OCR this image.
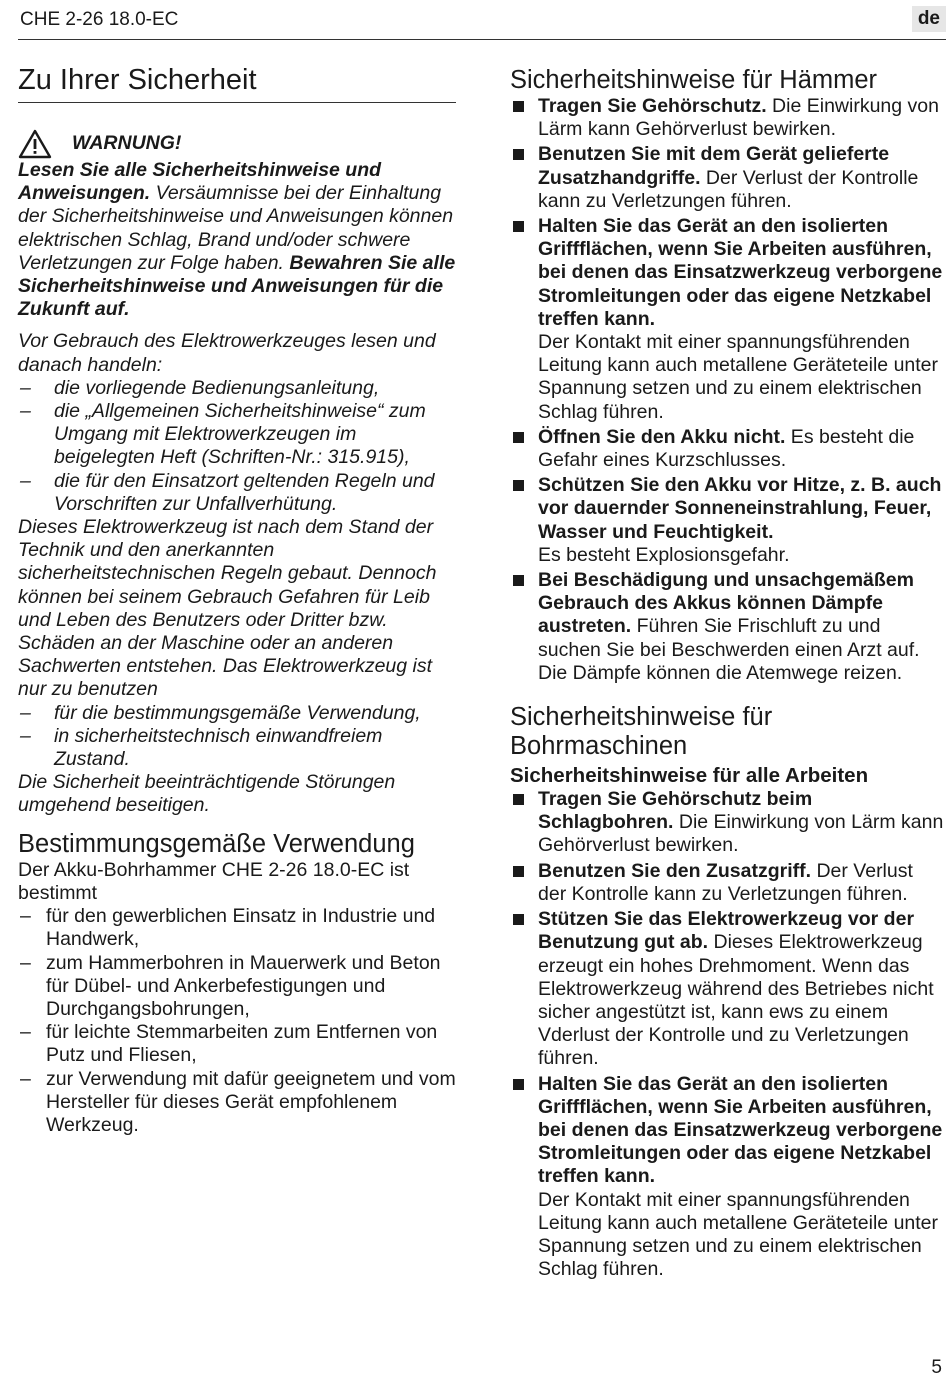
CHE 2-26 18.0-EC	de
Zu Ihrer Sicherheit
WARNUNG!

Lesen Sie alle Sicherheitshinweise und Anweisungen. Versäumnisse bei der Einhaltung der Sicherheitshinweise und Anweisungen können elektrischen Schlag, Brand und/oder schwere Verletzungen zur Folge haben. Bewahren Sie alle Sicherheitshinweise und Anweisungen für die Zukunft auf.

Vor Gebrauch des Elektrowerkzeuges lesen und danach handeln:

– die vorliegende Bedienungsanleitung,
– die „Allgemeinen Sicherheitshinweise“ zum Umgang mit Elektrowerkzeugen im beigelegten Heft (Schriften-Nr.: 315.915),
– die für den Einsatzort geltenden Regeln und Vorschriften zur Unfallverhütung.

Dieses Elektrowerkzeug ist nach dem Stand der Technik und den anerkannten sicherheitstechnischen Regeln gebaut. Dennoch können bei seinem Gebrauch Gefahren für Leib und Leben des Benutzers oder Dritter bzw. Schäden an der Maschine oder an anderen Sachwerten entstehen. Das Elektrowerkzeug ist nur zu benutzen

– für die bestimmungsgemäße Verwendung,
– in sicherheitstechnisch einwandfreiem Zustand.

Die Sicherheit beeinträchtigende Störungen umgehend beseitigen.

Bestimmungsgemäße Verwendung

Der Akku-Bohrhammer CHE 2-26 18.0-EC ist bestimmt

– für den gewerblichen Einsatz in Industrie und Handwerk,
– zum Hammerbohren in Mauerwerk und Beton für Dübel- und Ankerbefestigungen und Durchgangsbohrungen,
– für leichte Stemmarbeiten zum Entfernen von Putz und Fliesen,
– zur Verwendung mit dafür geeignetem und vom Hersteller für dieses Gerät empfohlenem Werkzeug.
Sicherheitshinweise für Hämmer
Tragen Sie Gehörschutz. Die Einwirkung von Lärm kann Gehörverlust bewirken.
Benutzen Sie mit dem Gerät gelieferte Zusatzhandgriffe. Der Verlust der Kontrolle kann zu Verletzungen führen.
Halten Sie das Gerät an den isolierten Griffflächen, wenn Sie Arbeiten ausführen, bei denen das Einsatzwerkzeug verborgene Stromleitungen oder das eigene Netzkabel treffen kann.
Der Kontakt mit einer spannungsführenden Leitung kann auch metallene Geräteteile unter Spannung setzen und zu einem elektrischen Schlag führen.
Öffnen Sie den Akku nicht. Es besteht die Gefahr eines Kurzschlusses.
Schützen Sie den Akku vor Hitze, z. B. auch vor dauernder Sonneneinstrahlung, Feuer, Wasser und Feuchtigkeit.
Es besteht Explosionsgefahr.
Bei Beschädigung und unsachgemäßem Gebrauch des Akkus können Dämpfe austreten. Führen Sie Frischluft zu und suchen Sie bei Beschwerden einen Arzt auf. Die Dämpfe können die Atemwege reizen.
Sicherheitshinweise für Bohrmaschinen
Sicherheitshinweise für alle Arbeiten
Tragen Sie Gehörschutz beim Schlagbohren. Die Einwirkung von Lärm kann Gehörverlust bewirken.
Benutzen Sie den Zusatzgriff. Der Verlust der Kontrolle kann zu Verletzungen führen.
Stützen Sie das Elektrowerkzeug vor der Benutzung gut ab. Dieses Elektrowerkzeug erzeugt ein hohes Drehmoment. Wenn das Elektrowerkzeug während des Betriebes nicht sicher angestützt ist, kann ews zu einem Vderlust der Kontrolle und zu Verletzungen führen.
Halten Sie das Gerät an den isolierten Griffflächen, wenn Sie Arbeiten ausführen, bei denen das Einsatzwerkzeug verborgene Stromleitungen oder das eigene Netzkabel treffen kann.
Der Kontakt mit einer spannungsführenden Leitung kann auch metallene Geräteteile unter Spannung setzen und zu einem elektrischen Schlag führen.
5
